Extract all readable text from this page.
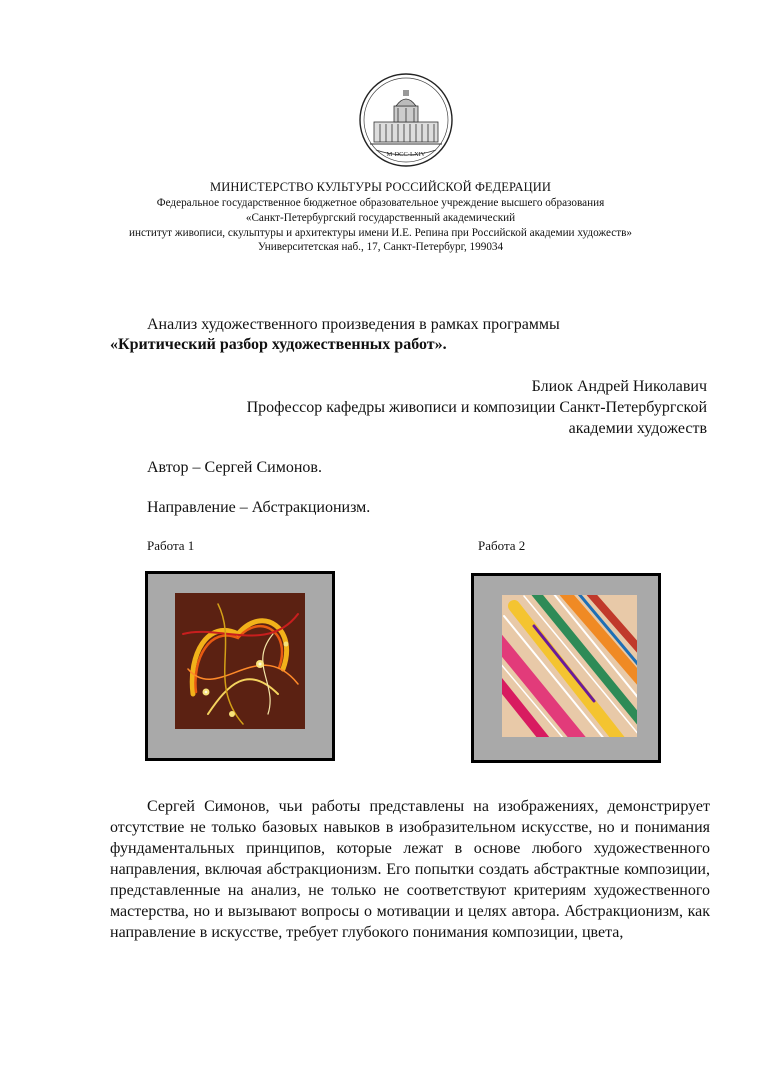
M·DCC·LXIV
МИНИСТЕРСТВО КУЛЬТУРЫ РОССИЙСКОЙ ФЕДЕРАЦИИ
Федеральное государственное бюджетное образовательное учреждение высшего образования
«Санкт-Петербургский государственный академический
институт живописи, скульптуры и архитектуры имени И.Е. Репина при Российской академии художеств»
Университетская наб., 17, Санкт-Петербург, 199034
Анализ художественного произведения в рамках программы
«Критический разбор художественных работ».
Блиок Андрей Николавич
Профессор кафедры живописи и композиции Санкт-Петербургской
академии художеств
Автор – Сергей Симонов.
Направление – Абстракционизм.
Работа 1	Работа 2
Сергей Симонов, чьи работы представлены на изображениях, демонстрирует отсутствие не только базовых навыков в изобразительном искусстве, но и понимания фундаментальных принципов, которые лежат в основе любого художественного направления, включая абстракционизм. Его попытки создать абстрактные композиции, представленные на анализ, не только не соответствуют критериям художественного мастерства, но и вызывают вопросы о мотивации и целях автора. Абстракционизм, как направление в искусстве, требует глубокого понимания композиции, цвета,
